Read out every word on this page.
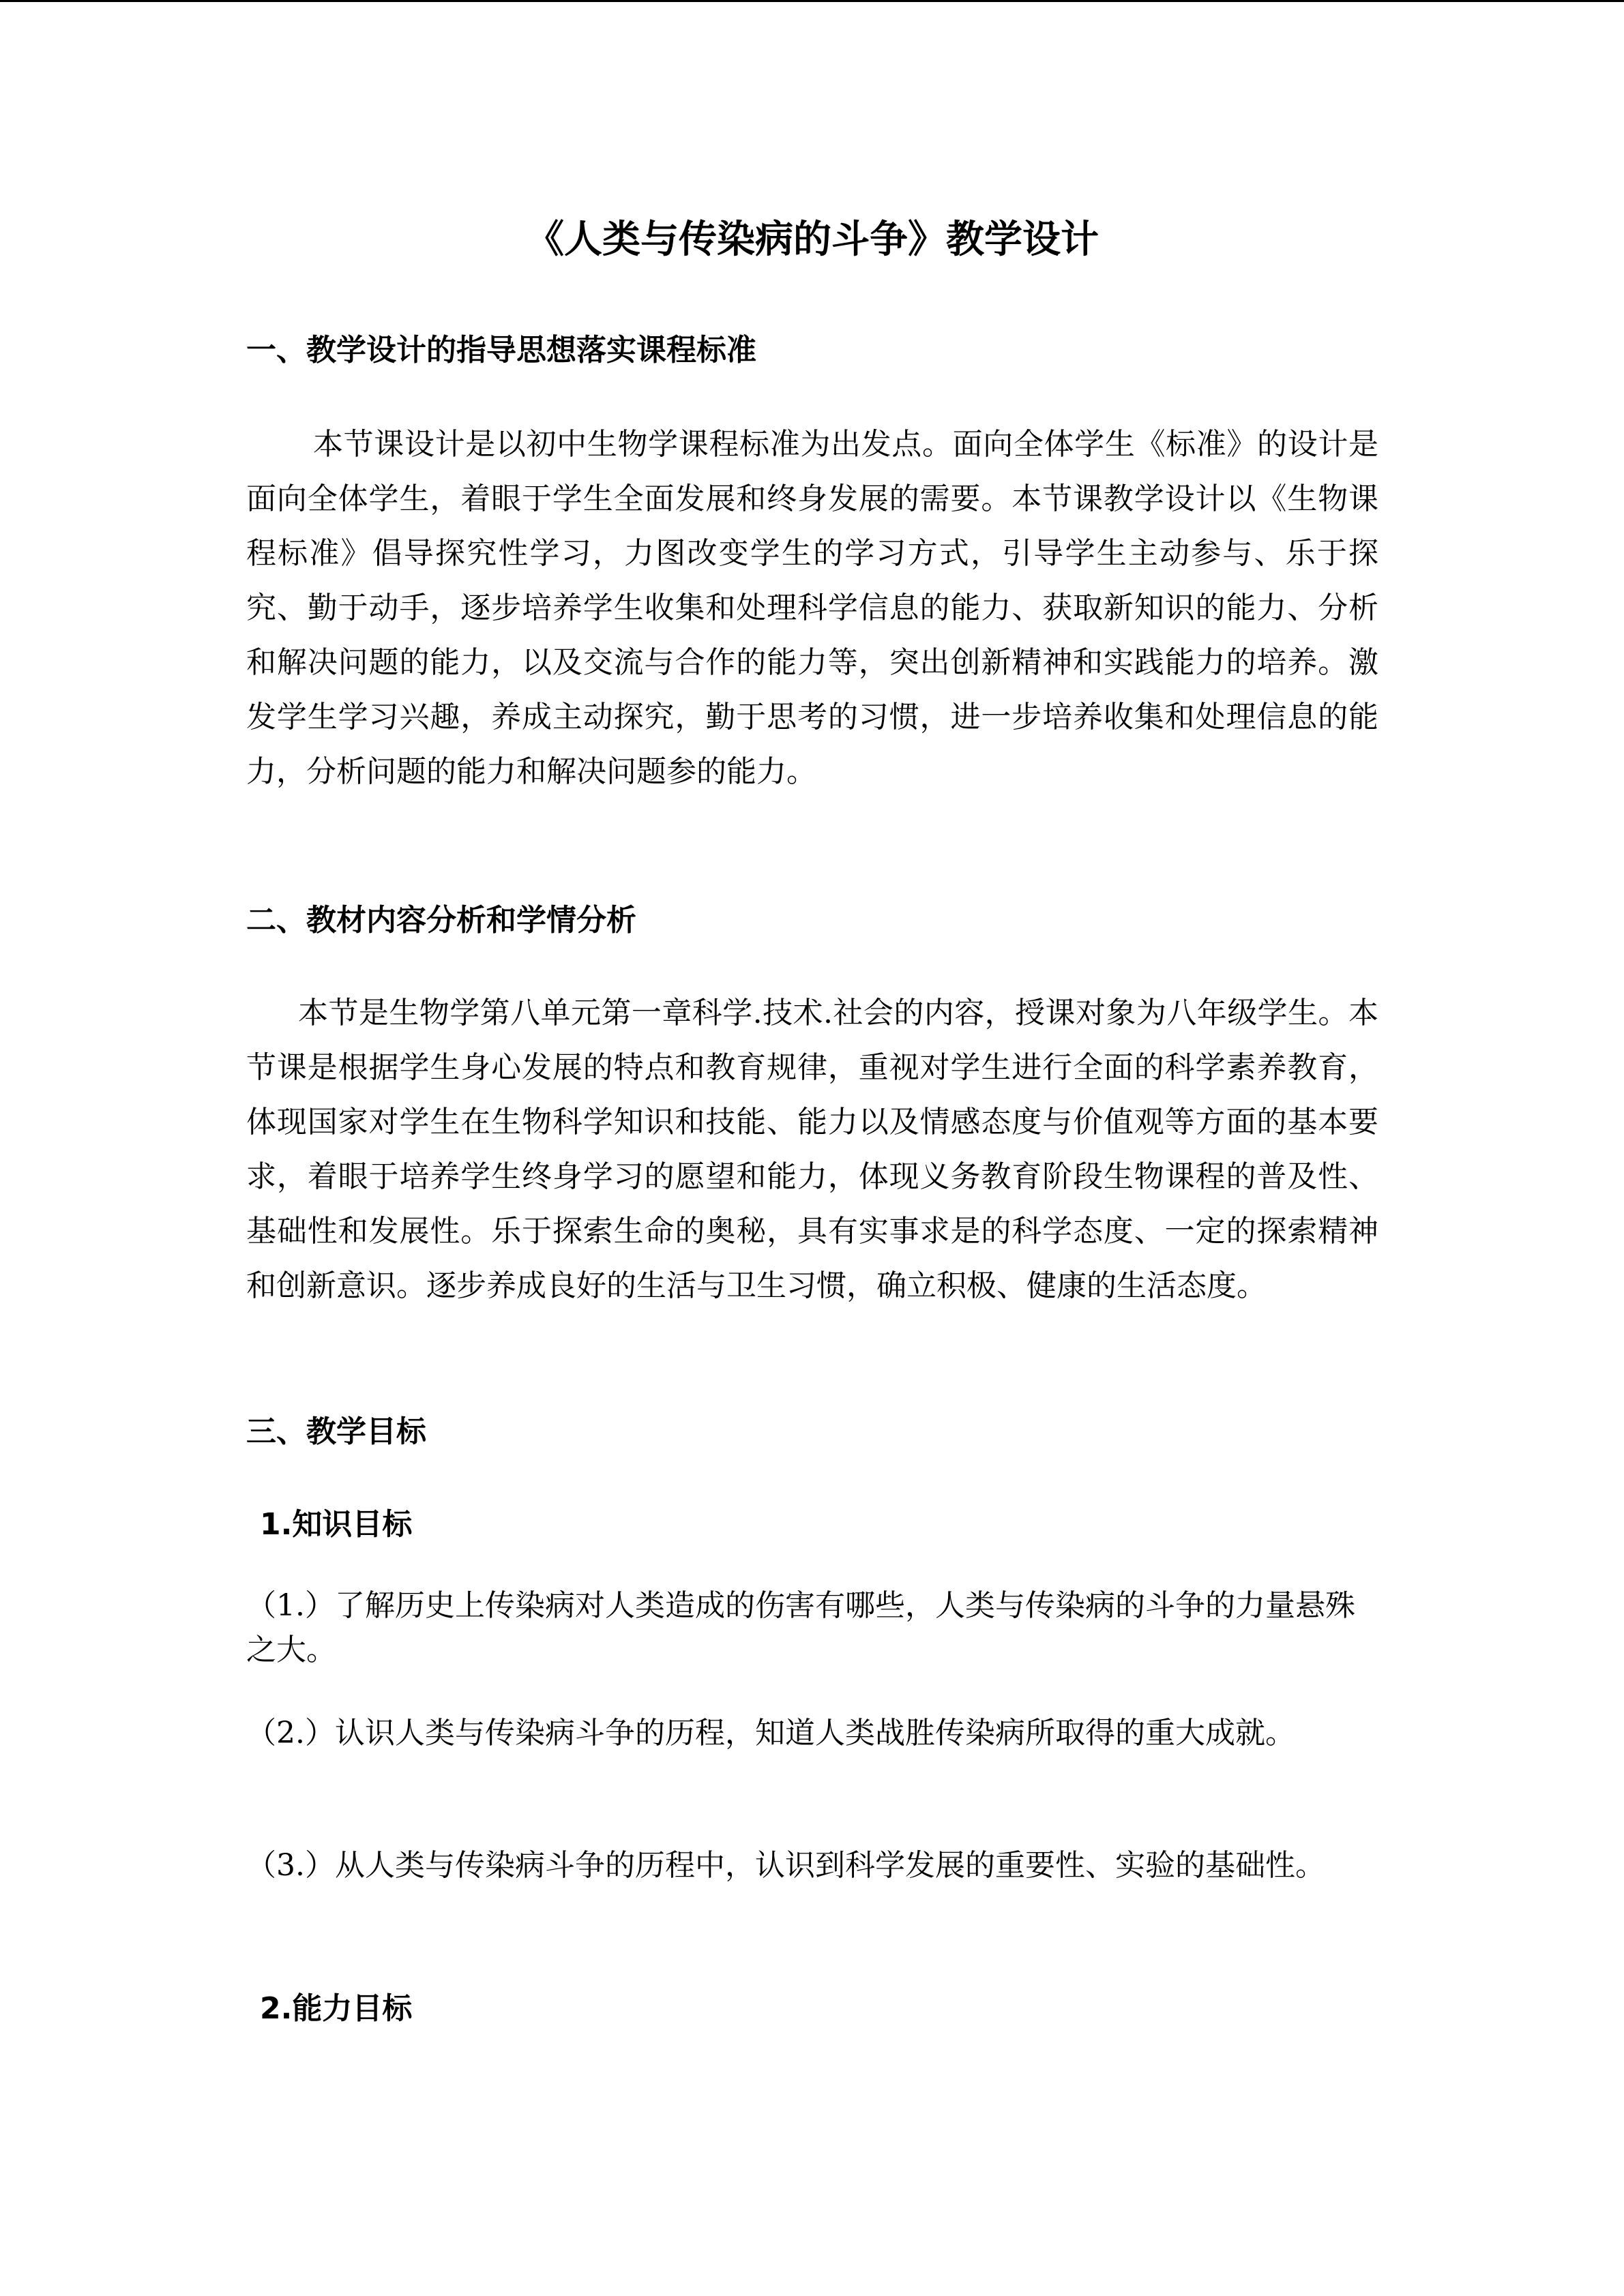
《人类与传染病的斗争》教学设计
一、教学设计的指导思想落实课程标准

本节课设计是以初中生物学课程标准为出发点。面向全体学生《标准》的设计是面向全体学生，着眼于学生全面发展和终身发展的需要。本节课教学设计以《生物课程标准》倡导探究性学习，力图改变学生的学习方式，引导学生主动参与、乐于探究、勤于动手，逐步培养学生收集和处理科学信息的能力、获取新知识的能力、分析和解决问题的能力，以及交流与合作的能力等，突出创新精神和实践能力的培养。激发学生学习兴趣，养成主动探究，勤于思考的习惯，进一步培养收集和处理信息的能力，分析问题的能力和解决问题参的能力。

二、教材内容分析和学情分析

本节是生物学第八单元第一章科学.技术.社会的内容，授课对象为八年级学生。本节课是根据学生身心发展的特点和教育规律，重视对学生进行全面的科学素养教育，体现国家对学生在生物科学知识和技能、能力以及情感态度与价值观等方面的基本要求，着眼于培养学生终身学习的愿望和能力，体现义务教育阶段生物课程的普及性、基础性和发展性。乐于探索生命的奥秘，具有实事求是的科学态度、一定的探索精神和创新意识。逐步养成良好的生活与卫生习惯，确立积极、健康的生活态度。

三、教学目标
1.知识目标

（1.）了解历史上传染病对人类造成的伤害有哪些，人类与传染病的斗争的力量悬殊之大。

（2.）认识人类与传染病斗争的历程，知道人类战胜传染病所取得的重大成就。

（3.）从人类与传染病斗争的历程中，认识到科学发展的重要性、实验的基础性。

2.能力目标
